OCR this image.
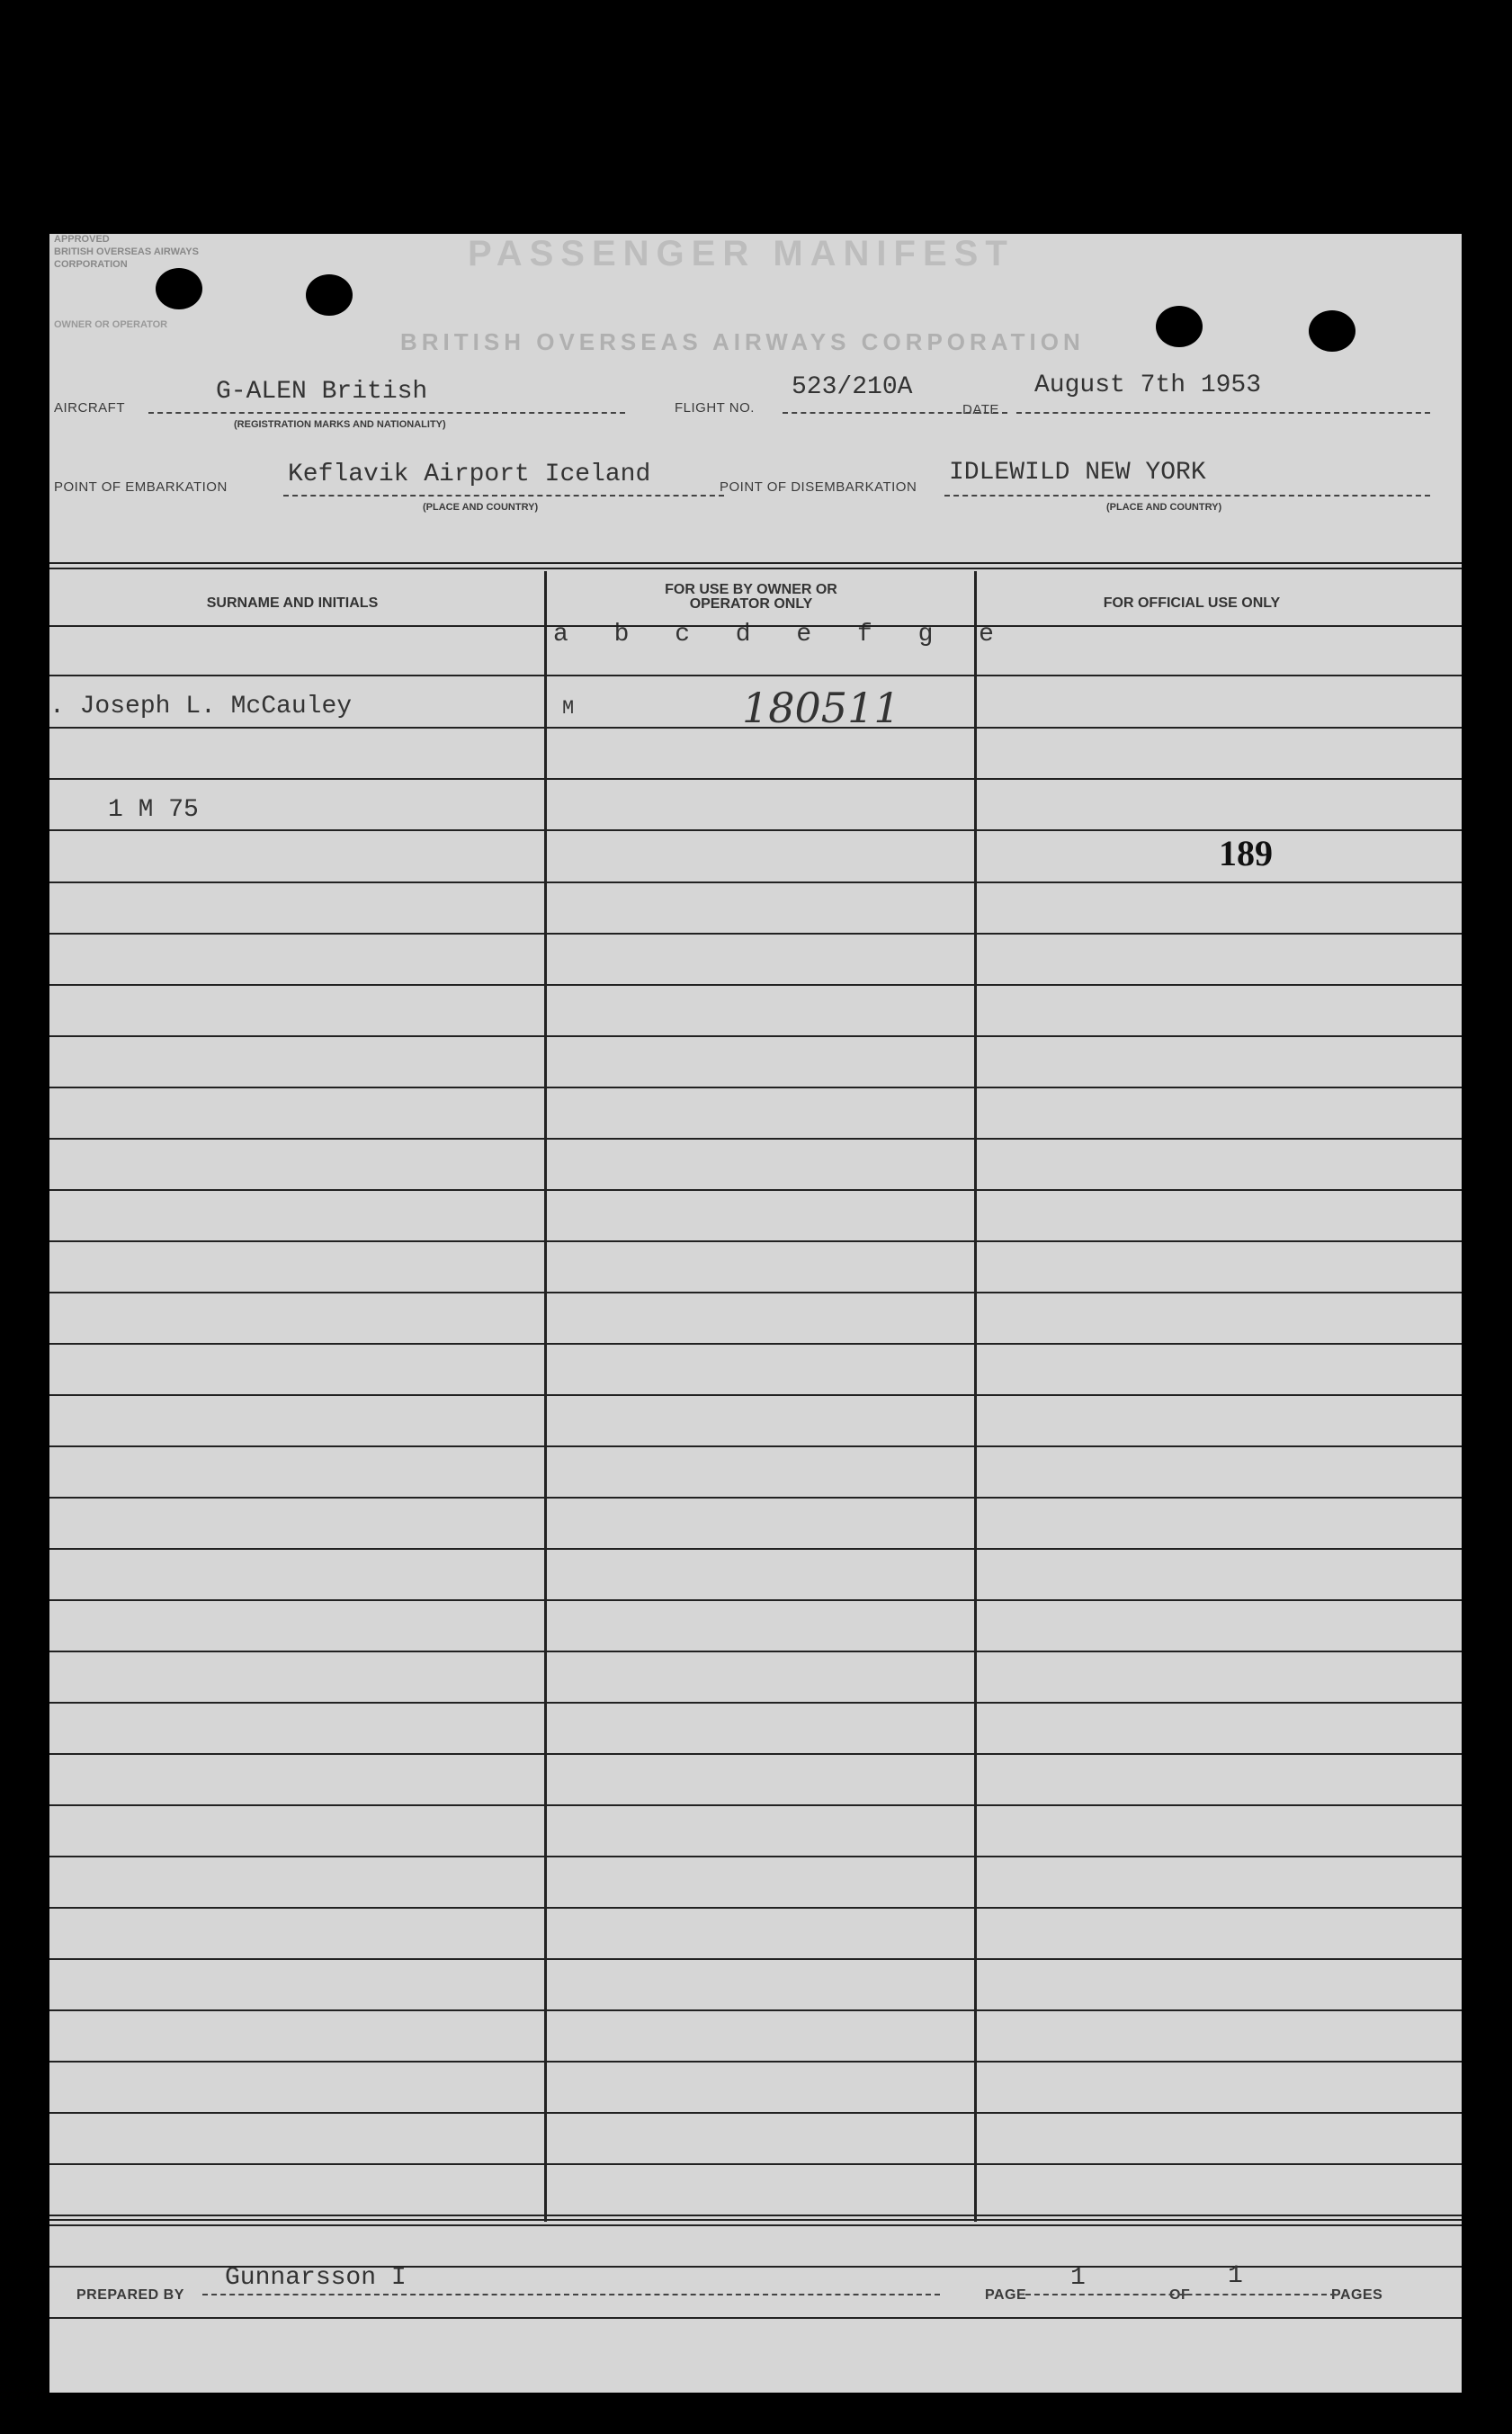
APPROVED
BRITISH OVERSEAS AIRWAYS
CORPORATION
OWNER OR OPERATOR
PASSENGER MANIFEST
BRITISH OVERSEAS AIRWAYS CORPORATION
AIRCRAFT
G-ALEN British
(REGISTRATION MARKS AND NATIONALITY)
FLIGHT NO.
523/210A
DATE
August 7th 1953
POINT OF EMBARKATION Keflavik Airport Iceland
(PLACE AND COUNTRY)
POINT OF DISEMBARKATION
IDLEWILD NEW YORK
(PLACE AND COUNTRY)
SURNAME AND INITIALS
FOR USE BY OWNER OR OPERATOR ONLY	FOR OFFICIAL USE ONLY
a b c d e f g e
. Joseph L. McCauley
1 M 75
M	180511
189
PREPARED BY
Gunnarsson I
PAGE
1
OF
1
PAGES
